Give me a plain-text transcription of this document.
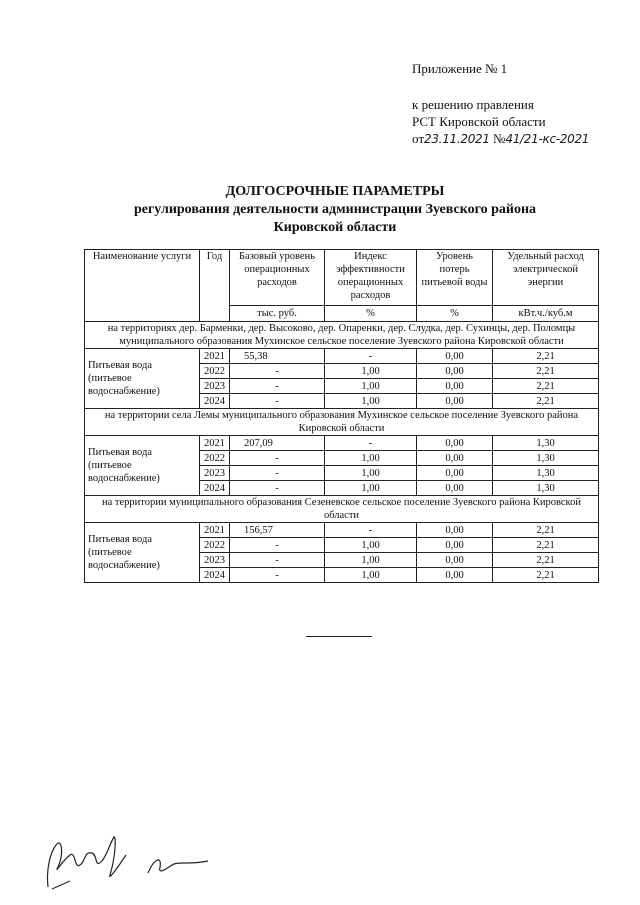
Приложение № 1
к решению правления
РСТ Кировской области
от23.11.2021 №41/21-кс-2021
ДОЛГОСРОЧНЫЕ ПАРАМЕТРЫ
регулирования деятельности администрации Зуевского района
Кировской области
Наименование услуги	Год	Базовый уровень операционных расходов	Индекс эффективности операционных расходов	Уровень потерь питьевой воды	Удельный расход электрической энергии
		тыс. руб.	%	%	кВт.ч./куб.м
на территориях дер. Барменки, дер. Высоково, дер. Опаренки, дер. Слудка, дер. Сухинцы, дер. Поломцы муниципального образования Мухинское сельское поселение Зуевского района Кировской области					
Питьевая вода (питьевое водоснабжение)	2021	55,38	-	0,00	2,21
	2022	-	1,00	0,00	2,21
	2023	-	1,00	0,00	2,21
	2024	-	1,00	0,00	2,21
на территории села Лемы муниципального образования Мухинское сельское поселение Зуевского района Кировской области					
Питьевая вода (питьевое водоснабжение)	2021	207,09	-	0,00	1,30
	2022	-	1,00	0,00	1,30
	2023	-	1,00	0,00	1,30
	2024	-	1,00	0,00	1,30
на территории муниципального образования Сезеневское сельское поселение Зуевского района Кировской области					
Питьевая вода (питьевое водоснабжение)	2021	156,57	-	0,00	2,21
	2022	-	1,00	0,00	2,21
	2023	-	1,00	0,00	2,21
	2024	-	1,00	0,00	2,21
